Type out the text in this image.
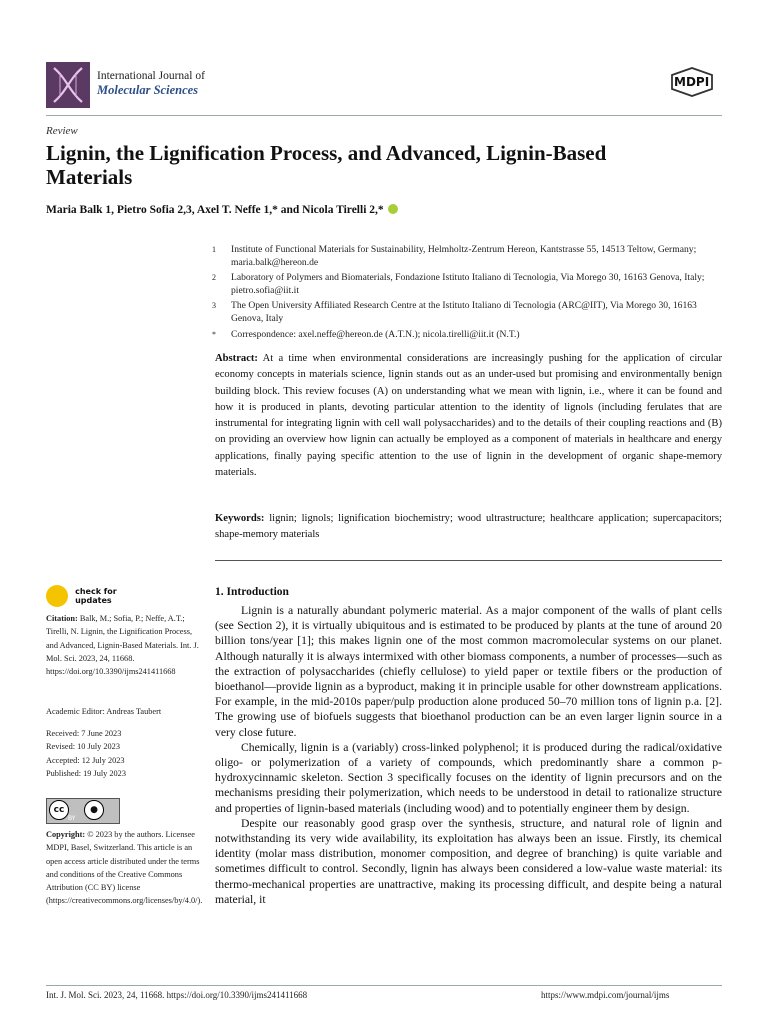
International Journal of
Molecular Sciences
MDPI
Review
Lignin, the Lignification Process, and Advanced, Lignin-Based Materials
Maria Balk 1, Pietro Sofia 2,3, Axel T. Neffe 1,* and Nicola Tirelli 2,*
1	Institute of Functional Materials for Sustainability, Helmholtz-Zentrum Hereon, Kantstrasse 55, 14513 Teltow, Germany; maria.balk@hereon.de
2	Laboratory of Polymers and Biomaterials, Fondazione Istituto Italiano di Tecnologia, Via Morego 30, 16163 Genova, Italy; pietro.sofia@iit.it
3	The Open University Affiliated Research Centre at the Istituto Italiano di Tecnologia (ARC@IIT), Via Morego 30, 16163 Genova, Italy
*	Correspondence: axel.neffe@hereon.de (A.T.N.); nicola.tirelli@iit.it (N.T.)
Abstract: At a time when environmental considerations are increasingly pushing for the application of circular economy concepts in materials science, lignin stands out as an under-used but promising and environmentally benign building block. This review focuses (A) on understanding what we mean with lignin, i.e., where it can be found and how it is produced in plants, devoting particular attention to the identity of lignols (including ferulates that are instrumental for integrating lignin with cell wall polysaccharides) and to the details of their coupling reactions and (B) on providing an overview how lignin can actually be employed as a component of materials in healthcare and energy applications, finally paying specific attention to the use of lignin in the development of organic shape-memory materials.
Keywords: lignin; lignols; lignification biochemistry; wood ultrastructure; healthcare application; supercapacitors; shape-memory materials
check for
updates
Citation: Balk, M.; Sofia, P.; Neffe, A.T.; Tirelli, N. Lignin, the Lignification Process, and Advanced, Lignin-Based Materials. Int. J. Mol. Sci. 2023, 24, 11668. https://doi.org/10.3390/ijms241411668
Academic Editor: Andreas Taubert
Received: 7 June 2023
Revised: 10 July 2023
Accepted: 12 July 2023
Published: 19 July 2023
cc	●
BY
Copyright: © 2023 by the authors. Licensee MDPI, Basel, Switzerland. This article is an open access article distributed under the terms and conditions of the Creative Commons Attribution (CC BY) license (https://creativecommons.org/licenses/by/4.0/).
1. Introduction

Lignin is a naturally abundant polymeric material. As a major component of the walls of plant cells (see Section 2), it is virtually ubiquitous and is estimated to be produced by plants at the tune of around 20 billion tons/year [1]; this makes lignin one of the most common macromolecular systems on our planet. Although naturally it is always intermixed with other biomass components, a number of processes—such as the extraction of polysaccharides (chiefly cellulose) to yield paper or textile fibers or the production of bioethanol—provide lignin as a byproduct, making it in principle usable for other downstream applications. For example, in the mid-2010s paper/pulp production alone produced 50–70 million tons of lignin p.a. [2]. The growing use of biofuels suggests that bioethanol production can be an even larger lignin source in a very close future.

Chemically, lignin is a (variably) cross-linked polyphenol; it is produced during the radical/oxidative oligo- or polymerization of a variety of compounds, which predominantly share a common p-hydroxycinnamic skeleton. Section 3 specifically focuses on the identity of lignin precursors and on the mechanisms presiding their polymerization, which needs to be understood in detail to rationalize structure and properties of lignin-based materials (including wood) and to potentially engineer them by design.

Despite our reasonably good grasp over the synthesis, structure, and natural role of lignin and notwithstanding its very wide availability, its exploitation has always been an issue. Firstly, its chemical identity (molar mass distribution, monomer composition, and degree of branching) is quite variable and sometimes difficult to control. Secondly, lignin has always been considered a low-value waste material: its thermo-mechanical properties are unattractive, making its processing difficult, and despite being a natural material, it

Int. J. Mol. Sci. 2023, 24, 11668. https://doi.org/10.3390/ijms241411668	https://www.mdpi.com/journal/ijms
